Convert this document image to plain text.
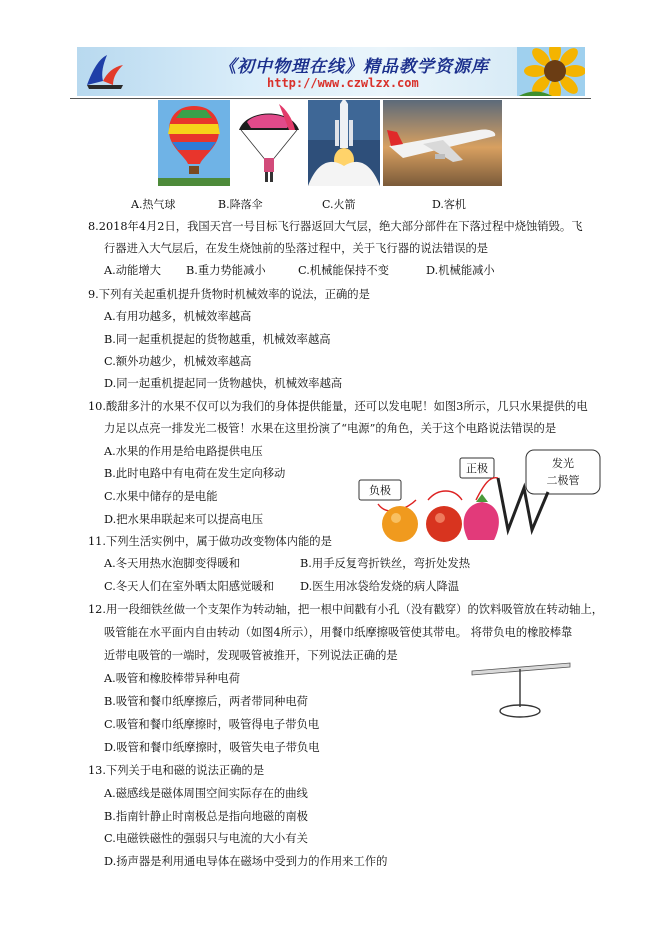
《初中物理在线》精品教学资源库
http://www.czwlzx.com
A.热气球	B.降落伞	C.火箭	D.客机
8.2018年4月2日，我国天宫一号目标飞行器返回大气层，绝大部分部件在下落过程中烧蚀销毁。飞
行器进入大气层后，在发生烧蚀前的坠落过程中，关于飞行器的说法错误的是
A.动能增大 B.重力势能减小	C.机械能保持不变	D.机械能减小
9.下列有关起重机提升货物时机械效率的说法，正确的是
A.有用功越多，机械效率越高
B.同一起重机提起的货物越重，机械效率越高
C.额外功越少，机械效率越高
D.同一起重机提起同一货物越快，机械效率越高
10.酸甜多汁的水果不仅可以为我们的身体提供能量，还可以发电呢！如图3所示，几只水果提供的电
力足以点亮一排发光二极管！水果在这里扮演了“电源”的角色，关于这个电路说法错误的是
A.水果的作用是给电路提供电压
B.此时电路中有电荷在发生定向移动
C.水果中储存的是电能
D.把水果串联起来可以提高电压
负极
正极	发光
二极管
11.下列生活实例中，属于做功改变物体内能的是
A.冬天用热水泡脚变得暖和	B.用手反复弯折铁丝，弯折处发热
C.冬天人们在室外晒太阳感觉暖和 D.医生用冰袋给发烧的病人降温
12.用一段细铁丝做一个支架作为转动轴，把一根中间戳有小孔（没有戳穿）的饮料吸管放在转动轴上，
吸管能在水平面内自由转动（如图4所示），用餐巾纸摩擦吸管使其带电。 将带负电的橡胶棒靠
近带电吸管的一端时，发现吸管被推开，下列说法正确的是
A.吸管和橡胶棒带异种电荷
B.吸管和餐巾纸摩擦后，两者带同种电荷
C.吸管和餐巾纸摩擦时，吸管得电子带负电
D.吸管和餐巾纸摩擦时，吸管失电子带负电
13.下列关于电和磁的说法正确的是
A.磁感线是磁体周围空间实际存在的曲线
B.指南针静止时南极总是指向地磁的南极
C.电磁铁磁性的强弱只与电流的大小有关
D.扬声器是利用通电导体在磁场中受到力的作用来工作的
